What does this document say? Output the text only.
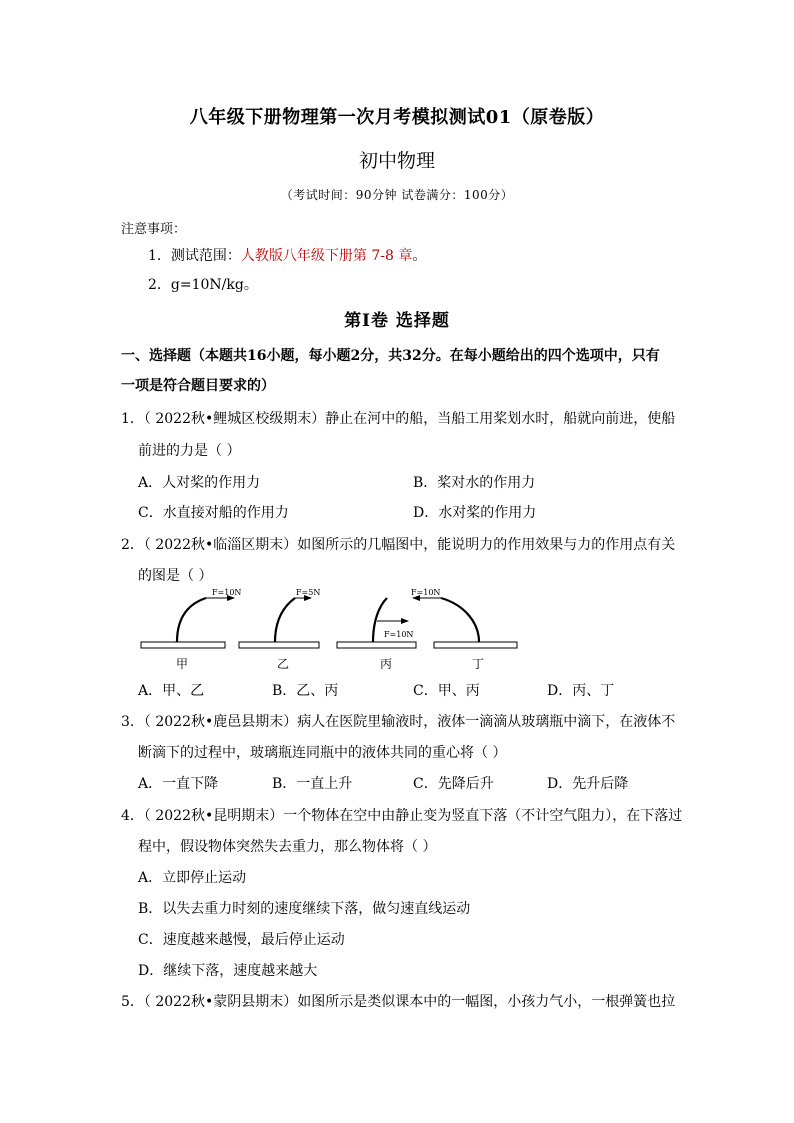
八年级下册物理第一次月考模拟测试01（原卷版）
初中物理
（考试时间：90分钟 试卷满分：100分）
注意事项：
1．测试范围：人教版八年级下册第 7-8 章。
2．g=10N/kg。
第Ⅰ卷 选择题
一、选择题（本题共16小题，每小题2分，共32分。在每小题给出的四个选项中，只有
一项是符合题目要求的）
1．（ 2022秋•鲤城区校级期末）静止在河中的船，当船工用桨划水时，船就向前进，使船
前进的力是（ ）
A．人对桨的作用力	B．桨对水的作用力
C．水直接对船的作用力	D．水对桨的作用力
2．（ 2022秋•临淄区期末）如图所示的几幅图中，能说明力的作用效果与力的作用点有关
的图是（ ）
F=10N
甲
F=5N
乙
F=10N
丙
F=10N
丁
A．甲、乙	B．乙、丙	C．甲、丙	D．丙、丁
3．（ 2022秋•鹿邑县期末）病人在医院里输液时，液体一滴滴从玻璃瓶中滴下，在液体不
断滴下的过程中，玻璃瓶连同瓶中的液体共同的重心将（ ）
A．一直下降	B．一直上升	C．先降后升	D．先升后降
4．（ 2022秋•昆明期末）一个物体在空中由静止变为竖直下落（不计空气阻力），在下落过
程中，假设物体突然失去重力，那么物体将（ ）
A．立即停止运动
B．以失去重力时刻的速度继续下落，做匀速直线运动
C．速度越来越慢，最后停止运动
D．继续下落，速度越来越大
5．（ 2022秋•蒙阴县期末）如图所示是类似课本中的一幅图，小孩力气小，一根弹簧也拉
